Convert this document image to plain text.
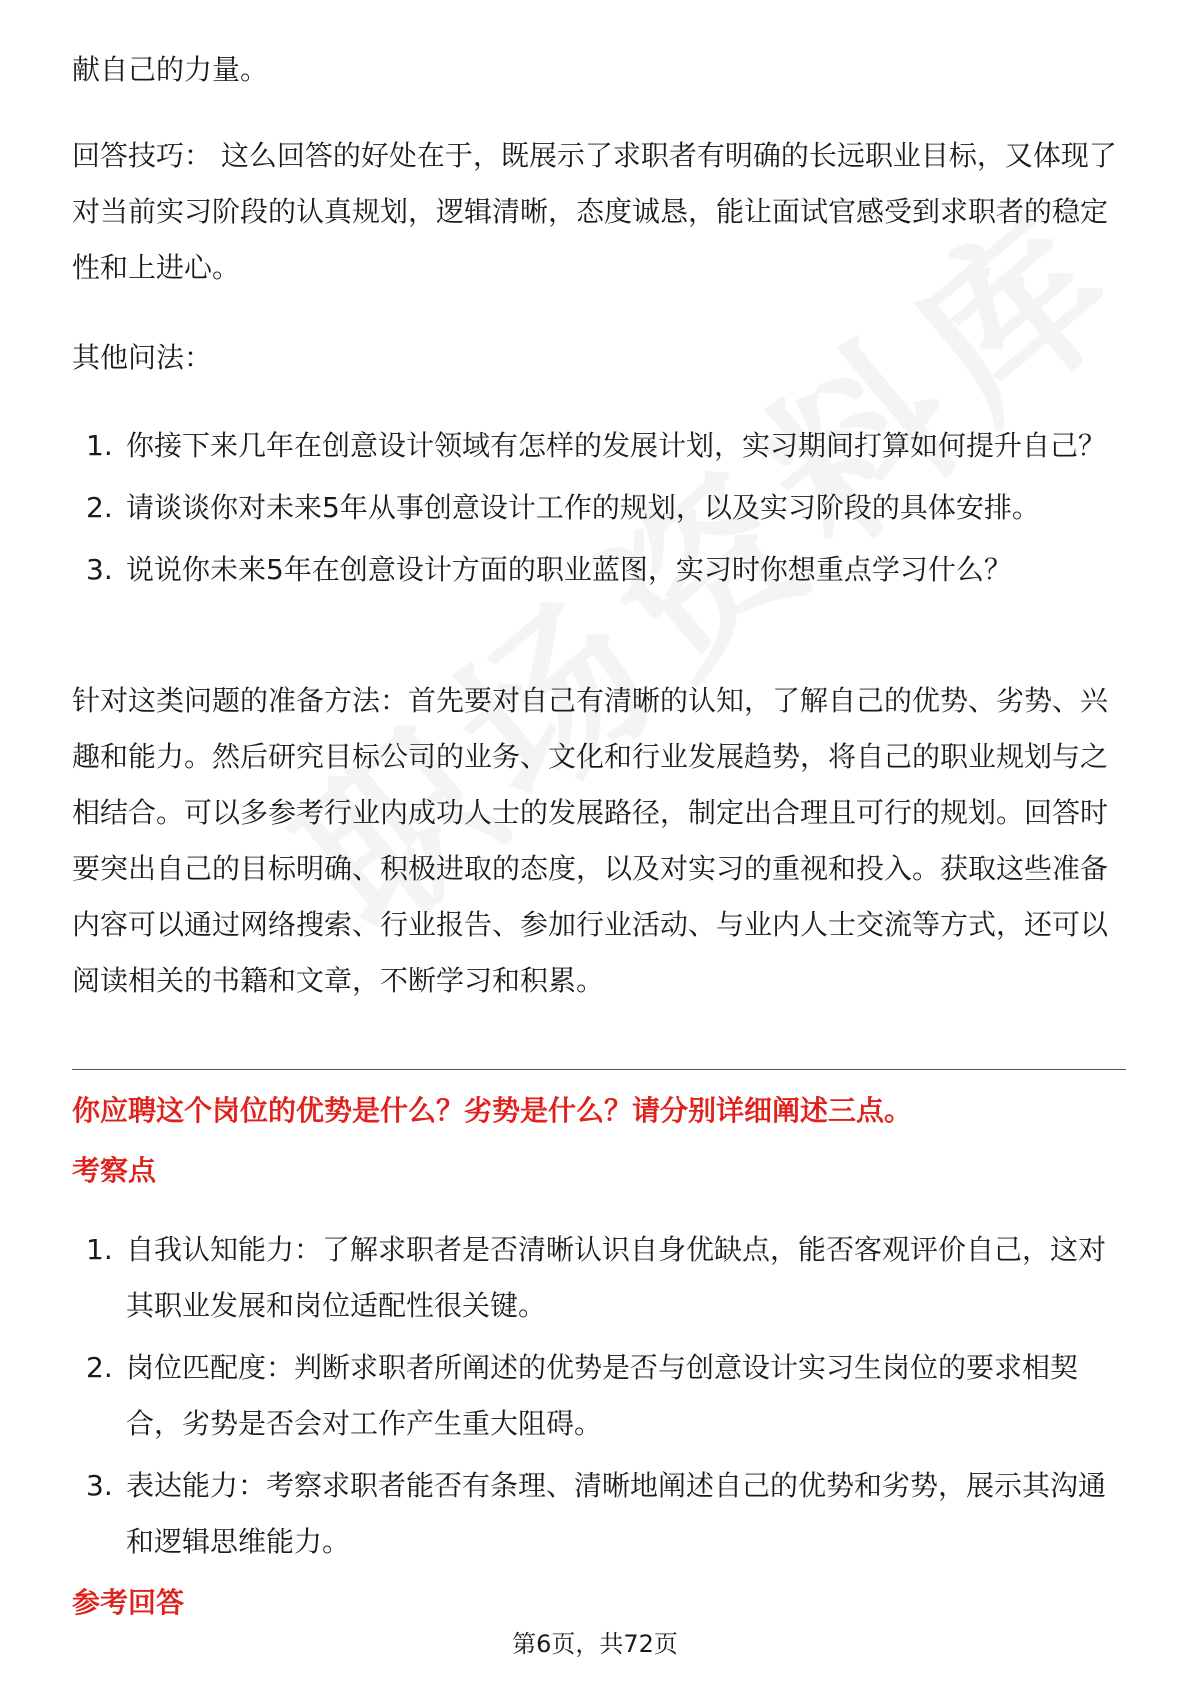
献自己的力量。

回答技巧： 这么回答的好处在于，既展示了求职者有明确的长远职业目标，又体现了对当前实习阶段的认真规划，逻辑清晰，态度诚恳，能让面试官感受到求职者的稳定性和上进心。

其他问法：

1. 你接下来几年在创意设计领域有怎样的发展计划，实习期间打算如何提升自己？
2. 请谈谈你对未来5年从事创意设计工作的规划，以及实习阶段的具体安排。
3. 说说你未来5年在创意设计方面的职业蓝图，实习时你想重点学习什么？

针对这类问题的准备方法：首先要对自己有清晰的认知，了解自己的优势、劣势、兴趣和能力。然后研究目标公司的业务、文化和行业发展趋势，将自己的职业规划与之相结合。可以多参考行业内成功人士的发展路径，制定出合理且可行的规划。回答时要突出自己的目标明确、积极进取的态度，以及对实习的重视和投入。获取这些准备内容可以通过网络搜索、行业报告、参加行业活动、与业内人士交流等方式，还可以阅读相关的书籍和文章，不断学习和积累。

你应聘这个岗位的优势是什么？劣势是什么？请分别详细阐述三点。

考察点

1. 自我认知能力：了解求职者是否清晰认识自身优缺点，能否客观评价自己，这对其职业发展和岗位适配性很关键。
2. 岗位匹配度：判断求职者所阐述的优势是否与创意设计实习生岗位的要求相契合，劣势是否会对工作产生重大阻碍。
3. 表达能力：考察求职者能否有条理、清晰地阐述自己的优势和劣势，展示其沟通和逻辑思维能力。

参考回答

第6页，共72页
